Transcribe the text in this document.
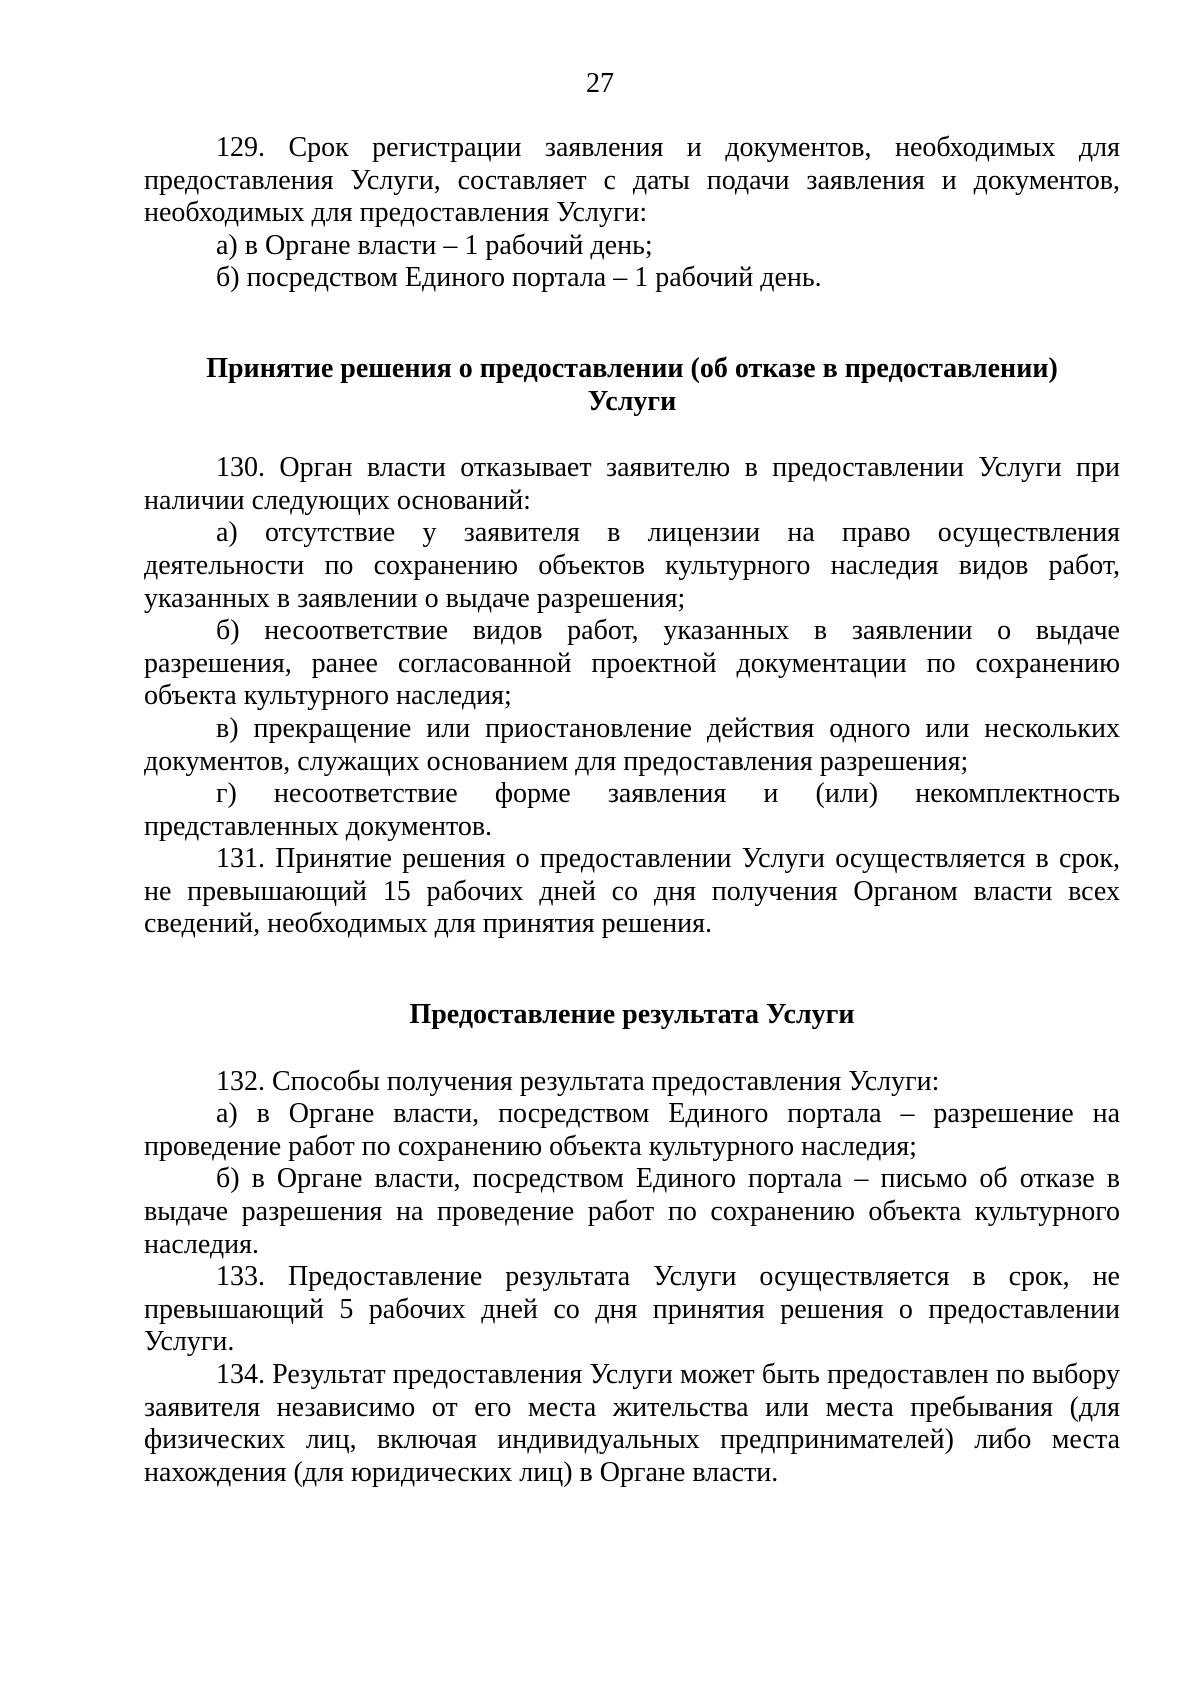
27

129. Срок регистрации заявления и документов, необходимых для предоставления Услуги, составляет с даты подачи заявления и документов, необходимых для предоставления Услуги:

а) в Органе власти – 1 рабочий день;

б) посредством Единого портала – 1 рабочий день.

Принятие решения о предоставлении (об отказе в предоставлении)
Услуги

130. Орган власти отказывает заявителю в предоставлении Услуги при наличии следующих оснований:

а) отсутствие у заявителя в лицензии на право осуществления деятельности по сохранению объектов культурного наследия видов работ, указанных в заявлении о выдаче разрешения;

б) несоответствие видов работ, указанных в заявлении о выдаче разрешения, ранее согласованной проектной документации по сохранению объекта культурного наследия;

в) прекращение или приостановление действия одного или нескольких документов, служащих основанием для предоставления разрешения;

г) несоответствие форме заявления и (или) некомплектность представленных документов.

131. Принятие решения о предоставлении Услуги осуществляется в срок, не превышающий 15 рабочих дней со дня получения Органом власти всех сведений, необходимых для принятия решения.

Предоставление результата Услуги

132. Способы получения результата предоставления Услуги:

а) в Органе власти, посредством Единого портала – разрешение на проведение работ по сохранению объекта культурного наследия;

б) в Органе власти, посредством Единого портала – письмо об отказе в выдаче разрешения на проведение работ по сохранению объекта культурного наследия.

133. Предоставление результата Услуги осуществляется в срок, не превышающий 5 рабочих дней со дня принятия решения о предоставлении Услуги.

134. Результат предоставления Услуги может быть предоставлен по выбору заявителя независимо от его места жительства или места пребывания (для физических лиц, включая индивидуальных предпринимателей) либо места нахождения (для юридических лиц) в Органе власти.
